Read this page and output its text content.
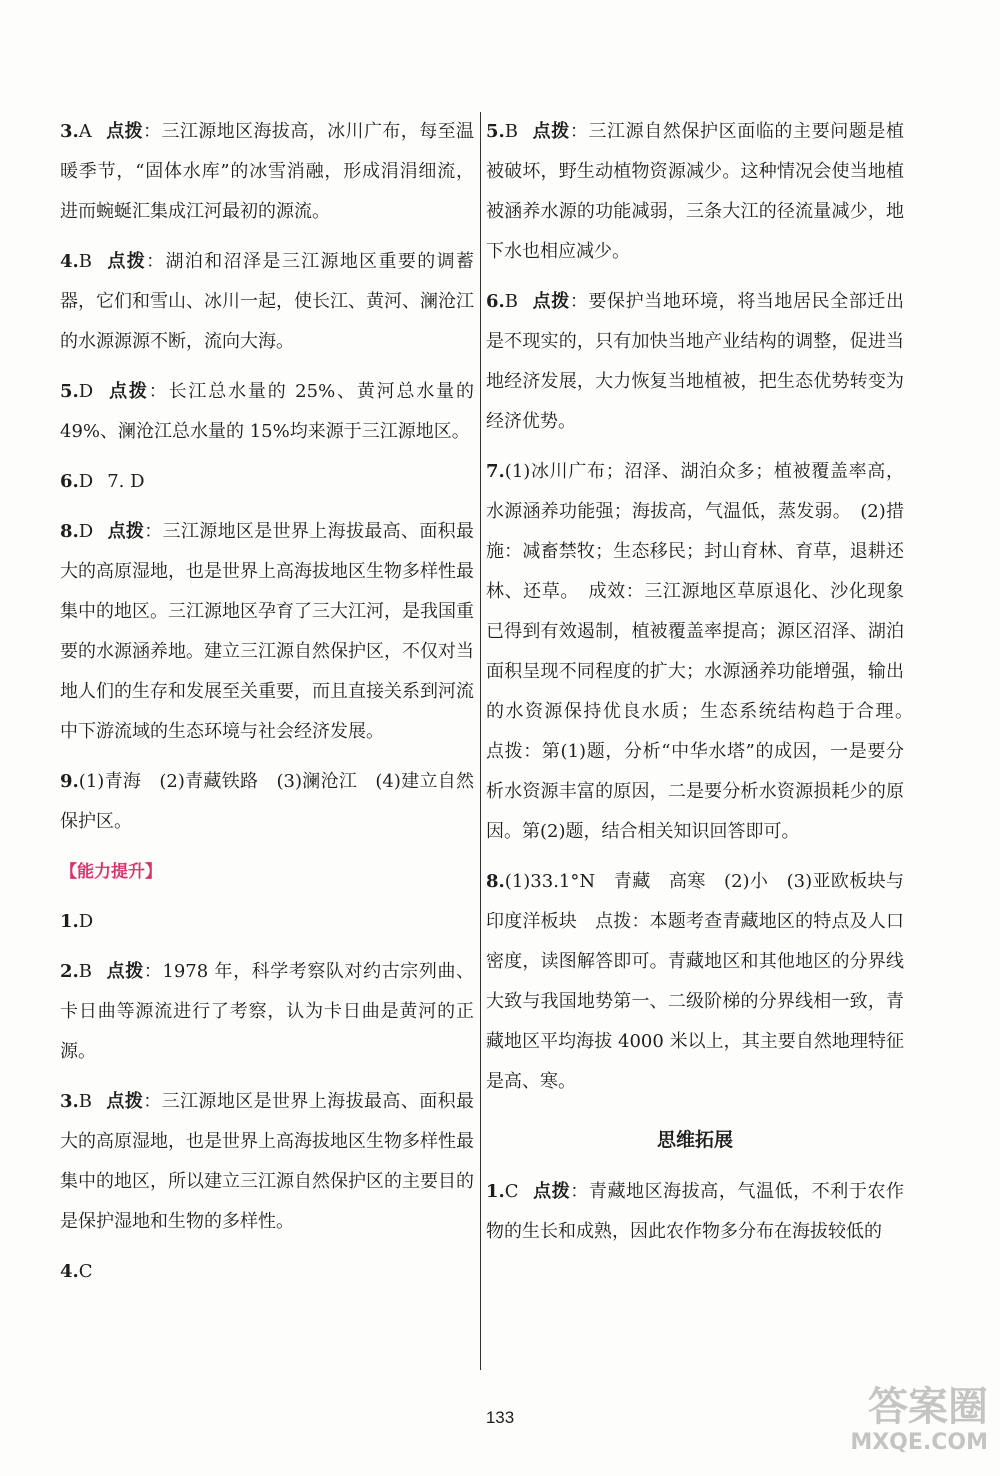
3.A 点拨：三江源地区海拔高，冰川广布，每至温暖季节，“固体水库”的冰雪消融，形成涓涓细流，进而蜿蜒汇集成江河最初的源流。
4.B 点拨：湖泊和沼泽是三江源地区重要的调蓄器，它们和雪山、冰川一起，使长江、黄河、澜沧江的水源源源不断，流向大海。
5.D 点拨：长江总水量的 25%、黄河总水量的 49%、澜沧江总水量的 15%均来源于三江源地区。
6.D 7. D
8.D 点拨：三江源地区是世界上海拔最高、面积最大的高原湿地，也是世界上高海拔地区生物多样性最集中的地区。三江源地区孕育了三大江河，是我国重要的水源涵养地。建立三江源自然保护区，不仅对当地人们的生存和发展至关重要，而且直接关系到河流中下游流域的生态环境与社会经济发展。
9.(1)青海　(2)青藏铁路　(3)澜沧江　(4)建立自然保护区。
【能力提升】
1.D
2.B 点拨：1978 年，科学考察队对约古宗列曲、卡日曲等源流进行了考察，认为卡日曲是黄河的正源。
3.B 点拨：三江源地区是世界上海拔最高、面积最大的高原湿地，也是世界上高海拔地区生物多样性最集中的地区，所以建立三江源自然保护区的主要目的是保护湿地和生物的多样性。
4.C
5.B 点拨：三江源自然保护区面临的主要问题是植被破坏，野生动植物资源减少。这种情况会使当地植被涵养水源的功能减弱，三条大江的径流量减少，地下水也相应减少。
6.B 点拨：要保护当地环境，将当地居民全部迁出是不现实的，只有加快当地产业结构的调整，促进当地经济发展，大力恢复当地植被，把生态优势转变为经济优势。
7.(1)冰川广布；沼泽、湖泊众多；植被覆盖率高，水源涵养功能强；海拔高，气温低，蒸发弱。　(2)措施：减畜禁牧；生态移民；封山育林、育草，退耕还林、还草。　成效：三江源地区草原退化、沙化现象已得到有效遏制，植被覆盖率提高；源区沼泽、湖泊面积呈现不同程度的扩大；水源涵养功能增强，输出的水资源保持优良水质；生态系统结构趋于合理。　点拨：第(1)题，分析“中华水塔”的成因，一是要分析水资源丰富的原因，二是要分析水资源损耗少的原因。第(2)题，结合相关知识回答即可。
8.(1)33.1°N　青藏　高寒　(2)小　(3)亚欧板块与印度洋板块　点拨：本题考查青藏地区的特点及人口密度，读图解答即可。青藏地区和其他地区的分界线大致与我国地势第一、二级阶梯的分界线相一致，青藏地区平均海拔 4000 米以上，其主要自然地理特征是高、寒。
思维拓展
1.C 点拨：青藏地区海拔高，气温低，不利于农作物的生长和成熟，因此农作物多分布在海拔较低的
133	答案圈
MXQE.COM
